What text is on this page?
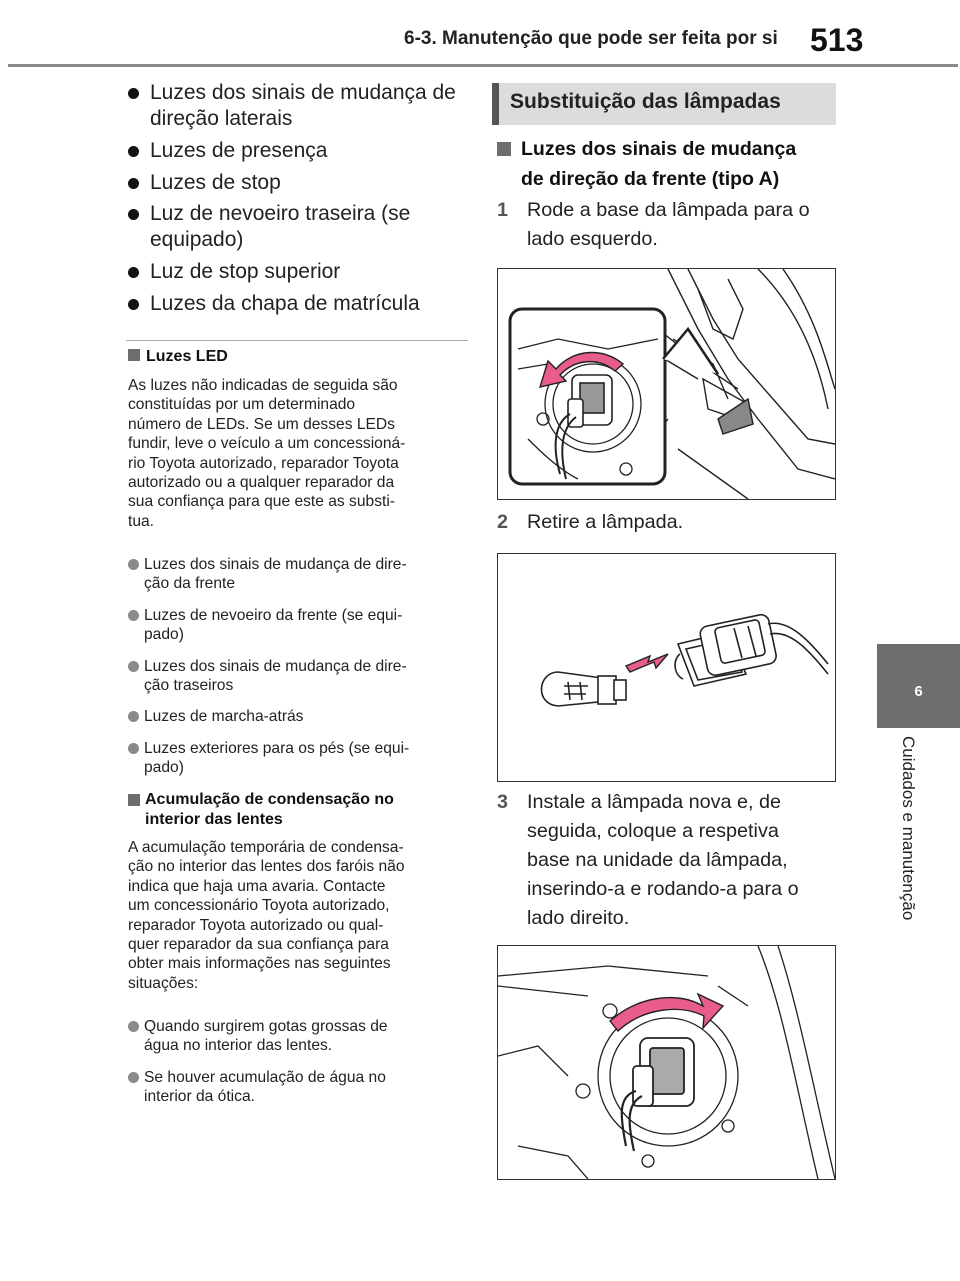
6-3. Manutenção que pode ser feita por si 513
6
Cuidados e manutenção
Luzes dos sinais de mudança de direção laterais
Luzes de presença
Luzes de stop
Luz de nevoeiro traseira (se equipado)
Luz de stop superior
Luzes da chapa de matrícula
Luzes LED
As luzes não indicadas de seguida são
constituídas por um determinado
número de LEDs. Se um desses LEDs
fundir, leve o veículo a um concessioná-
rio Toyota autorizado, reparador Toyota
autorizado ou a qualquer reparador da
sua confiança para que este as substi-
tua.
Luzes dos sinais de mudança de dire-
ção da frente
Luzes de nevoeiro da frente (se equi-
pado)
Luzes dos sinais de mudança de dire-
ção traseiros
Luzes de marcha-atrás
Luzes exteriores para os pés (se equi-
pado)
Acumulação de condensação no
interior das lentes
A acumulação temporária de condensa-
ção no interior das lentes dos faróis não
indica que haja uma avaria. Contacte
um concessionário Toyota autorizado,
reparador Toyota autorizado ou qual-
quer reparador da sua confiança para
obter mais informações nas seguintes
situações:
Quando surgirem gotas grossas de
água no interior das lentes.
Se houver acumulação de água no
interior da ótica.
Substituição das lâmpadas
Luzes dos sinais de mudança
de direção da frente (tipo A)
1 Rode a base da lâmpada para o
lado esquerdo.
2 Retire a lâmpada.
3 Instale a lâmpada nova e, de
seguida, coloque a respetiva
base na unidade da lâmpada,
inserindo-a e rodando-a para o
lado direito.
